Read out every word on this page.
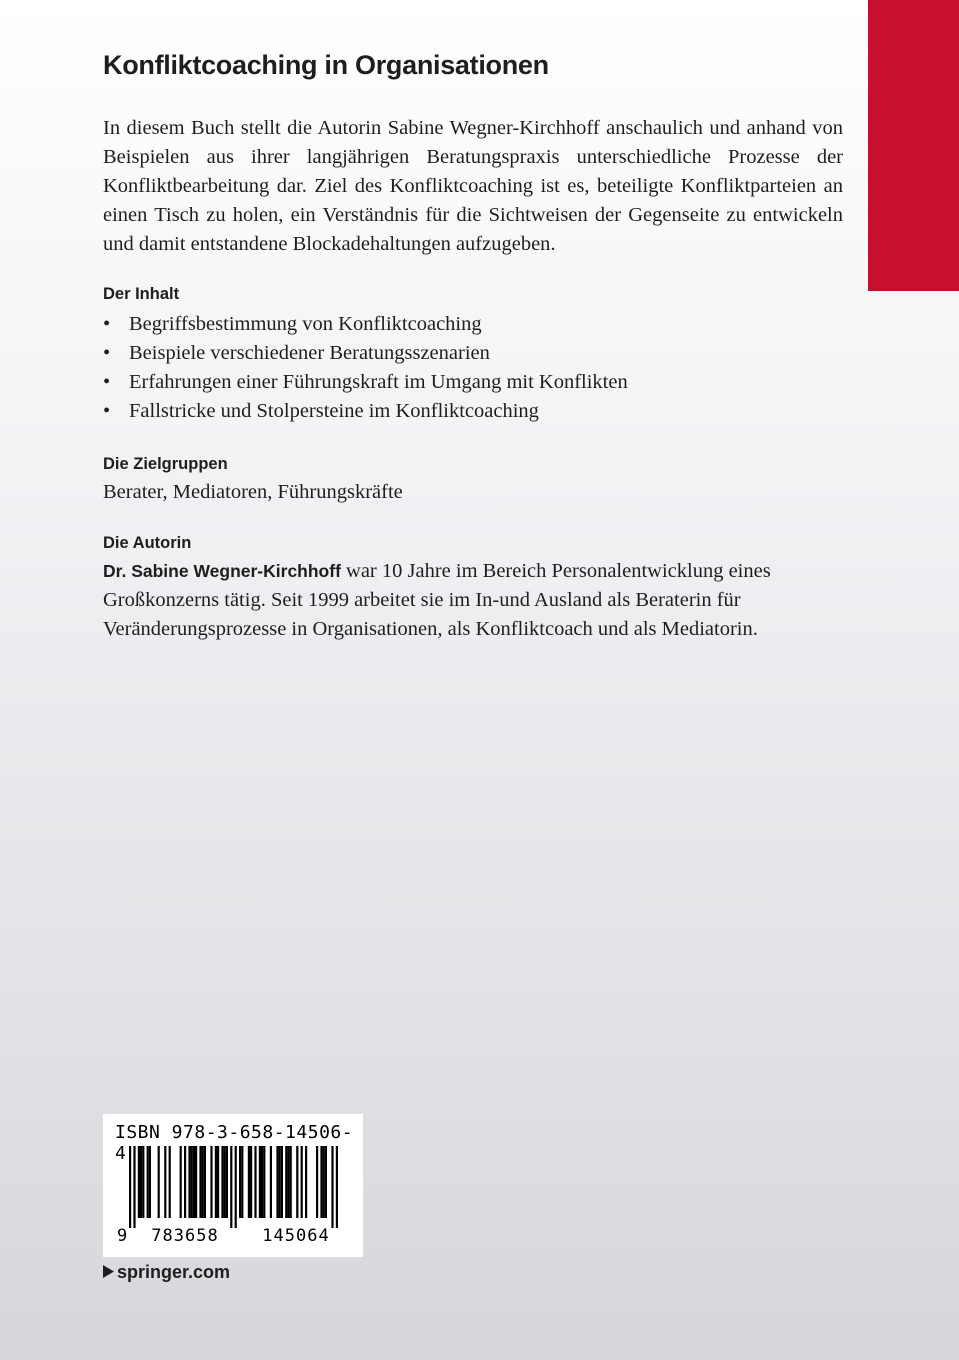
Konfliktcoaching in Organisationen

In diesem Buch stellt die Autorin Sabine Wegner-Kirchhoff anschaulich und anhand von Beispielen aus ihrer langjährigen Beratungspraxis unterschiedliche Prozesse der Konfliktbearbeitung dar. Ziel des Konfliktcoaching ist es, beteiligte Konfliktparteien an einen Tisch zu holen, ein Verständnis für die Sichtweisen der Gegenseite zu entwickeln und damit entstandene Blockadehaltungen aufzugeben.

Der Inhalt
• Begriffsbestimmung von Konfliktcoaching
• Beispiele verschiedener Beratungsszenarien
• Erfahrungen einer Führungskraft im Umgang mit Konflikten
• Fallstricke und Stolpersteine im Konfliktcoaching
Die Zielgruppen

Berater, Mediatoren, Führungskräfte

Die Autorin

Dr. Sabine Wegner-Kirchhoff war 10 Jahre im Bereich Personalentwicklung eines Großkonzerns tätig. Seit 1999 arbeitet sie im In-und Ausland als Beraterin für Veränderungsprozesse in Organisationen, als Konfliktcoach und als Mediatorin.

ISBN 978-3-658-14506-4
9	783658	145064
springer.com
